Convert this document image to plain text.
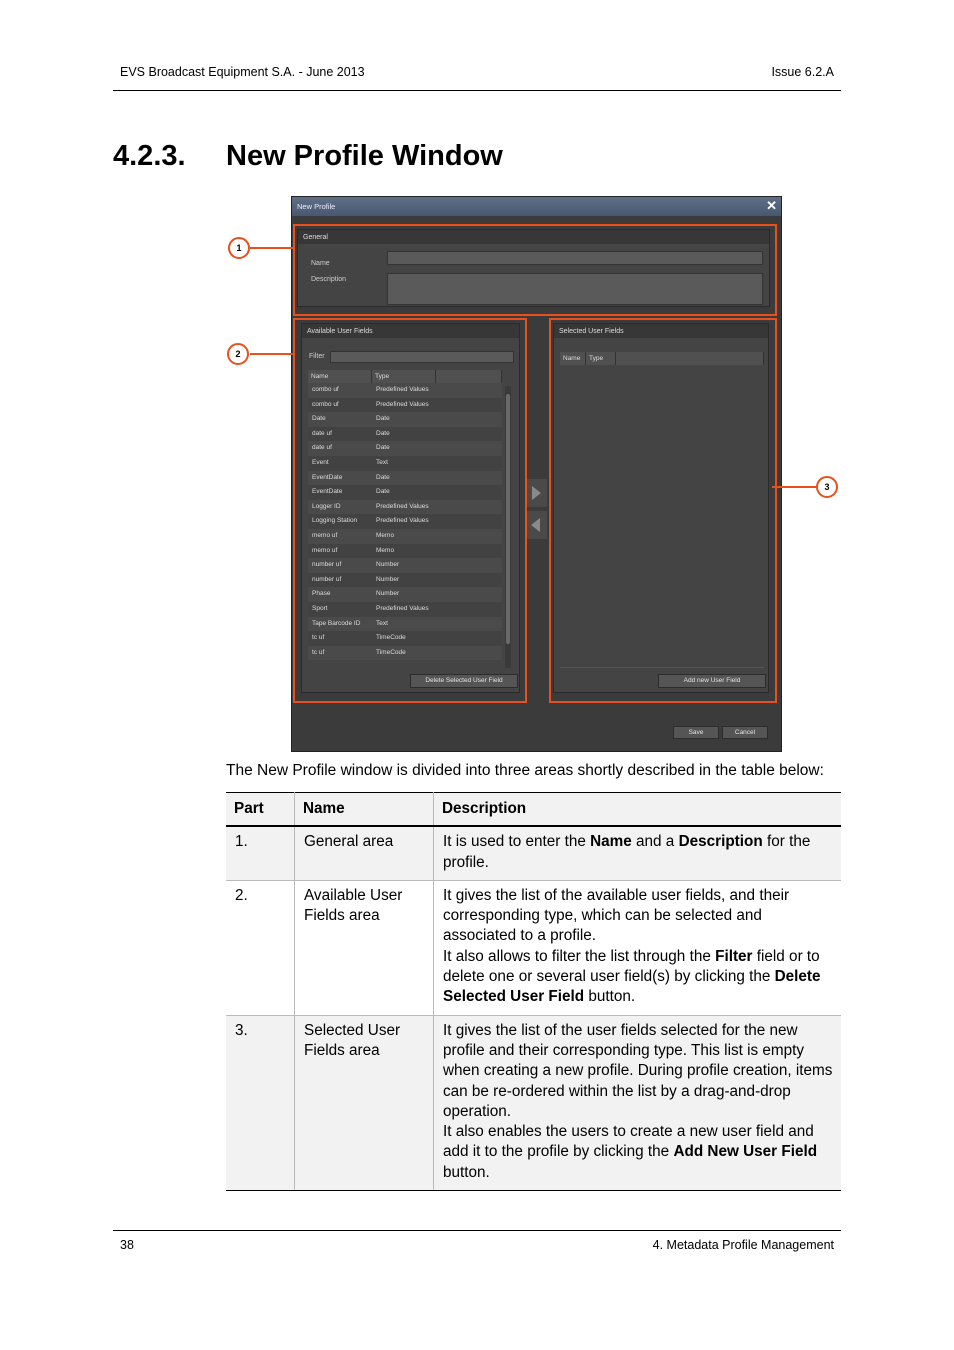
EVS Broadcast Equipment S.A. - June 2013	Issue 6.2.A
4.2.3. New Profile Window
New Profile	✕
General
Name
Description
Available User Fields
Filter
Name	Type
combo uf	Predefined Values
combo uf	Predefined Values
Date	Date
date uf	Date
date uf	Date
Event	Text
EventDate	Date
EventDate	Date
Logger ID	Predefined Values
Logging Station	Predefined Values
memo uf	Memo
memo uf	Memo
number uf	Number
number uf	Number
Phase	Number
Sport	Predefined Values
Tape Barcode ID Text
tc uf	TimeCode
tc uf	TimeCode
Delete Selected User Field
Selected User Fields
Name	Type
Add new User Field
Save	Cancel
1
2
3
The New Profile window is divided into three areas shortly described in the table below:
Part	Name	Description
1.	General area	It is used to enter the Name and a Description for the profile.
2.	Available User Fields area	It gives the list of the available user fields, and their corresponding type, which can be selected and associated to a profile.
It also allows to filter the list through the Filter field or to delete one or several user field(s) by clicking the Delete Selected User Field button.
3.	Selected User Fields area	It gives the list of the user fields selected for the new profile and their corresponding type. This list is empty when creating a new profile. During profile creation, items can be re-ordered within the list by a drag-and-drop operation.
It also enables the users to create a new user field and add it to the profile by clicking the Add New User Field button.
38	4. Metadata Profile Management
